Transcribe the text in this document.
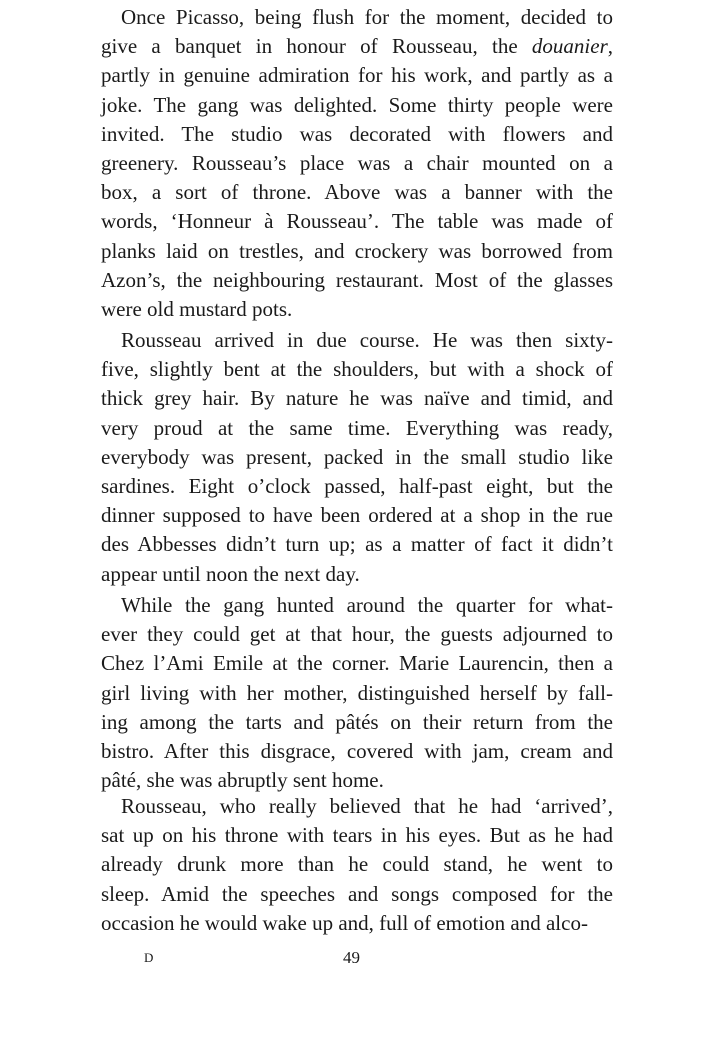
Once Picasso, being flush for the moment, decided to
give a banquet in honour of Rousseau, the douanier,
partly in genuine admiration for his work, and partly as a
joke. The gang was delighted. Some thirty people were
invited. The studio was decorated with flowers and
greenery. Rousseau’s place was a chair mounted on a
box, a sort of throne. Above was a banner with the
words, ‘Honneur à Rousseau’. The table was made of
planks laid on trestles, and crockery was borrowed from
Azon’s, the neighbouring restaurant. Most of the glasses
were old mustard pots.
Rousseau arrived in due course. He was then sixty-
five, slightly bent at the shoulders, but with a shock of
thick grey hair. By nature he was naïve and timid, and
very proud at the same time. Everything was ready,
everybody was present, packed in the small studio like
sardines. Eight o’clock passed, half-past eight, but the
dinner supposed to have been ordered at a shop in the rue
des Abbesses didn’t turn up; as a matter of fact it didn’t
appear until noon the next day.
While the gang hunted around the quarter for what-
ever they could get at that hour, the guests adjourned to
Chez l’Ami Emile at the corner. Marie Laurencin, then a
girl living with her mother, distinguished herself by fall-
ing among the tarts and pâtés on their return from the
bistro. After this disgrace, covered with jam, cream and
pâté, she was abruptly sent home.
Rousseau, who really believed that he had ‘arrived’,
sat up on his throne with tears in his eyes. But as he had
already drunk more than he could stand, he went to
sleep. Amid the speeches and songs composed for the
occasion he would wake up and, full of emotion and alco-
D	49
